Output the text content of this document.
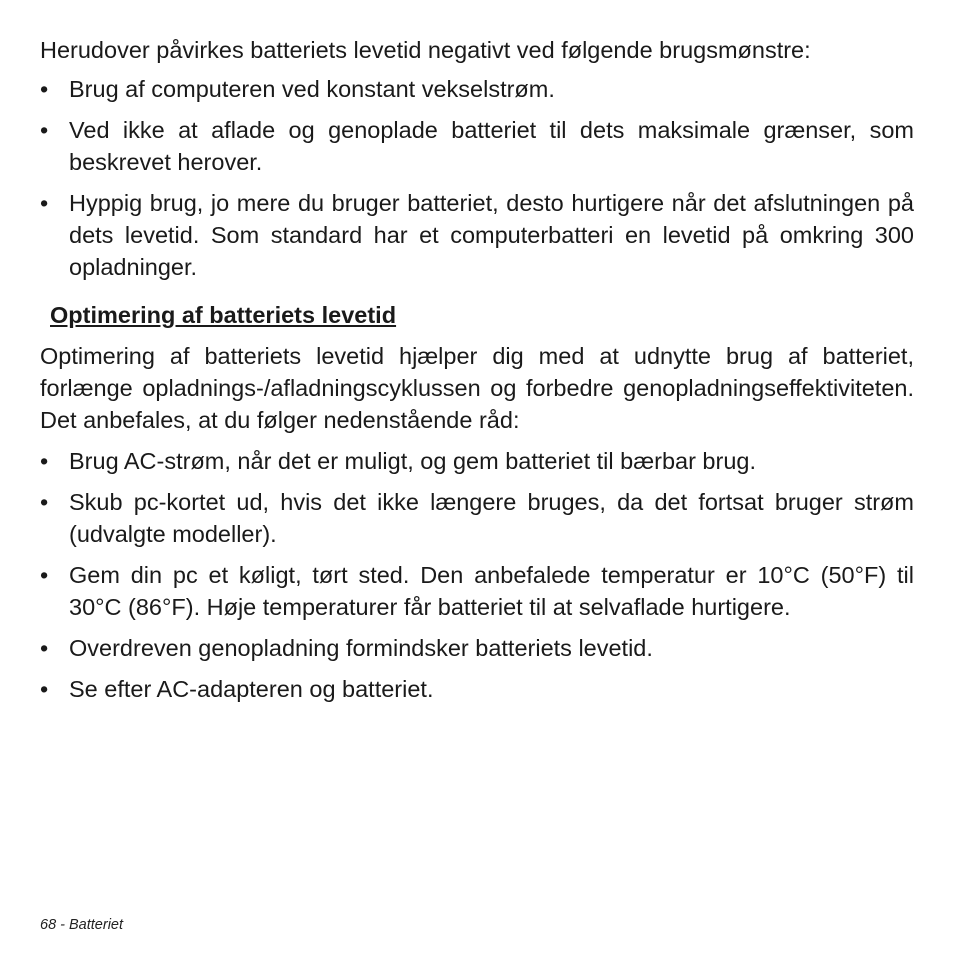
Herudover påvirkes batteriets levetid negativt ved følgende brugsmønstre:

• Brug af computeren ved konstant vekselstrøm.
• Ved ikke at aflade og genoplade batteriet til dets maksimale grænser, som beskrevet herover.
• Hyppig brug, jo mere du bruger batteriet, desto hurtigere når det afslutningen på dets levetid. Som standard har et computerbatteri en levetid på omkring 300 opladninger.
Optimering af batteriets levetid

Optimering af batteriets levetid hjælper dig med at udnytte brug af batteriet, forlænge opladnings-/afladningscyklussen og forbedre genopladningseffektiviteten. Det anbefales, at du følger nedenstående råd:

• Brug AC-strøm, når det er muligt, og gem batteriet til bærbar brug.
• Skub pc-kortet ud, hvis det ikke længere bruges, da det fortsat bruger strøm (udvalgte modeller).
• Gem din pc et køligt, tørt sted. Den anbefalede temperatur er 10°C (50°F) til 30°C (86°F). Høje temperaturer får batteriet til at selvaflade hurtigere.
• Overdreven genopladning formindsker batteriets levetid.
• Se efter AC-adapteren og batteriet.
68 - Batteriet
